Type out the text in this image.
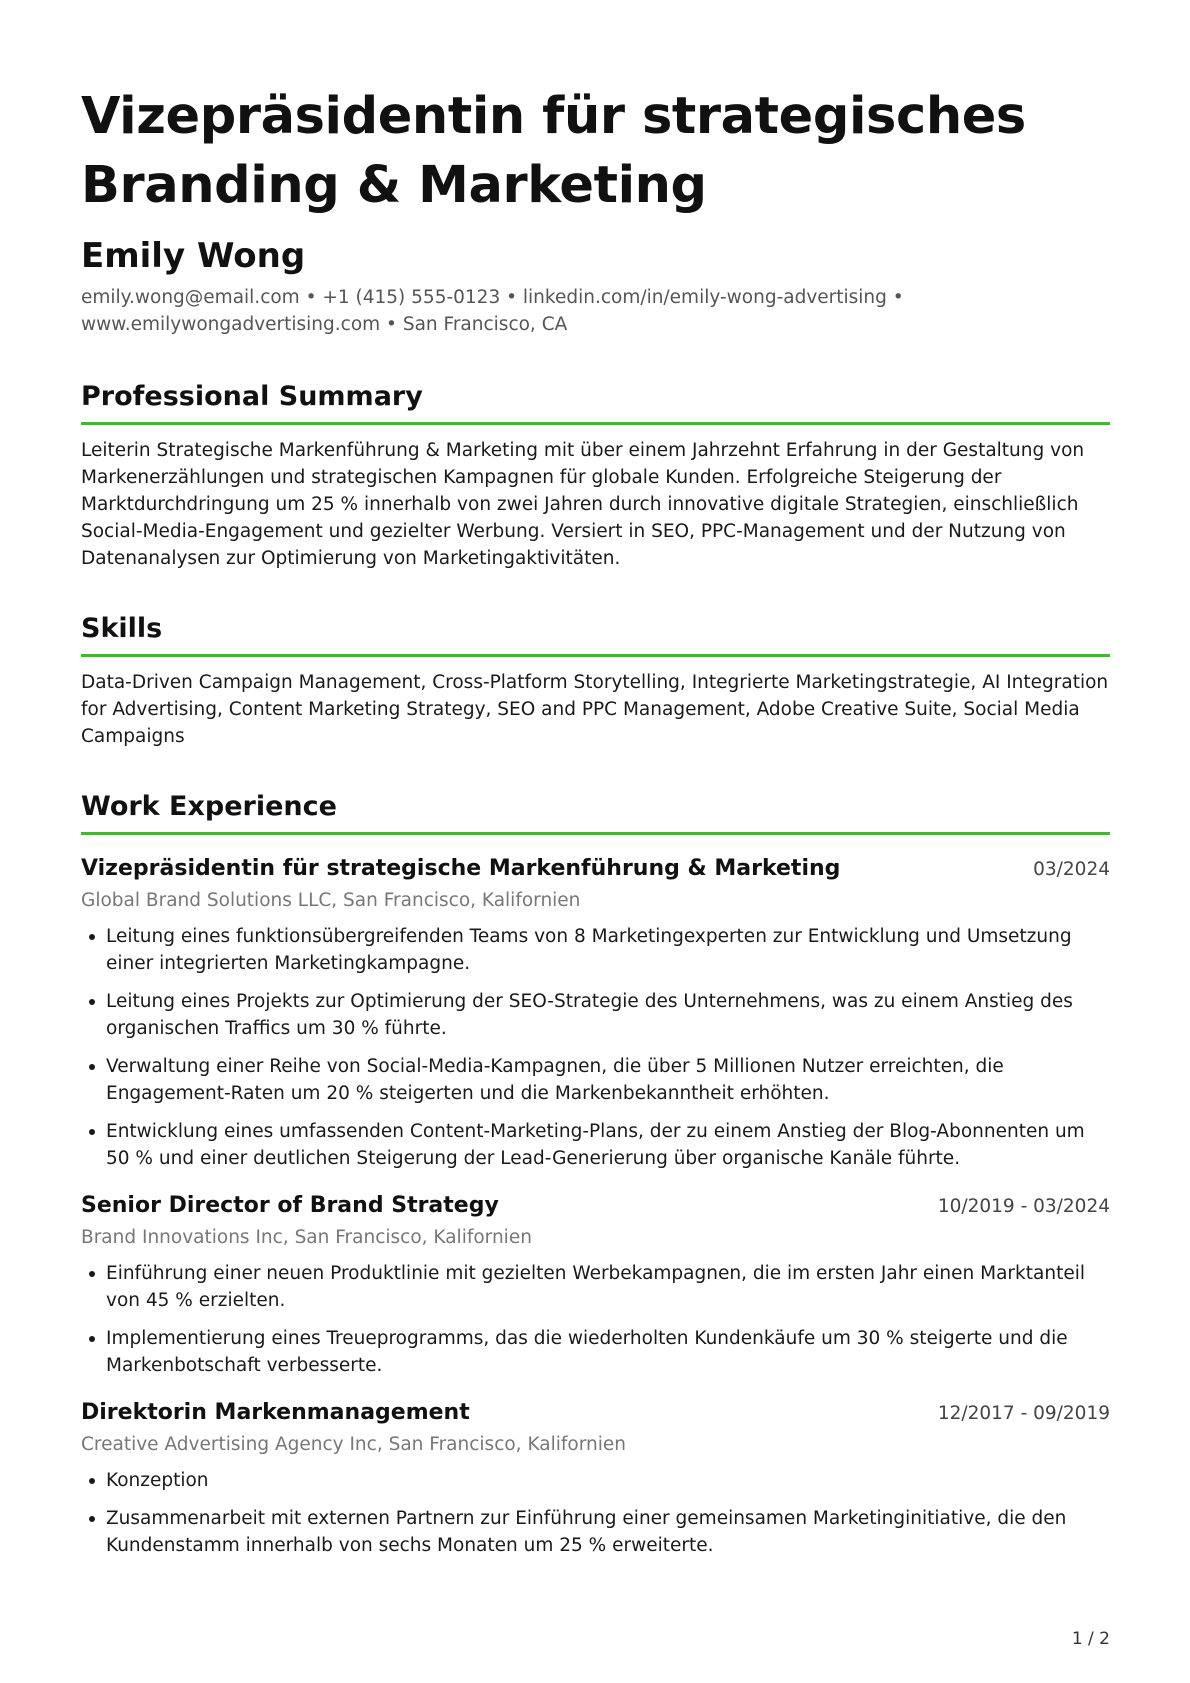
Vizepräsidentin für strategisches Branding & Marketing
Emily Wong
emily.wong@email.com • +1 (415) 555-0123 • linkedin.com/in/emily-wong-advertising •
www.emilywongadvertising.com • San Francisco, CA
Professional Summary
Leiterin Strategische Markenführung & Marketing mit über einem Jahrzehnt Erfahrung in der Gestaltung von Markenerzählungen und strategischen Kampagnen für globale Kunden. Erfolgreiche Steigerung der Marktdurchdringung um 25 % innerhalb von zwei Jahren durch innovative digitale Strategien, einschließlich Social-Media-Engagement und gezielter Werbung. Versiert in SEO, PPC-Management und der Nutzung von Datenanalysen zur Optimierung von Marketingaktivitäten.
Skills
Data-Driven Campaign Management, Cross-Platform Storytelling, Integrierte Marketingstrategie, AI Integration for Advertising, Content Marketing Strategy, SEO and PPC Management, Adobe Creative Suite, Social Media Campaigns
Work Experience
Vizepräsidentin für strategische Markenführung & Marketing	03/2024
Global Brand Solutions LLC, San Francisco, Kalifornien
Leitung eines funktionsübergreifenden Teams von 8 Marketingexperten zur Entwicklung und Umsetzung einer integrierten Marketingkampagne.
Leitung eines Projekts zur Optimierung der SEO-Strategie des Unternehmens, was zu einem Anstieg des organischen Traffics um 30 % führte.
Verwaltung einer Reihe von Social-Media-Kampagnen, die über 5 Millionen Nutzer erreichten, die Engagement-Raten um 20 % steigerten und die Markenbekanntheit erhöhten.
Entwicklung eines umfassenden Content-Marketing-Plans, der zu einem Anstieg der Blog-Abonnenten um 50 % und einer deutlichen Steigerung der Lead-Generierung über organische Kanäle führte.
Senior Director of Brand Strategy	10/2019 - 03/2024
Brand Innovations Inc, San Francisco, Kalifornien
Einführung einer neuen Produktlinie mit gezielten Werbekampagnen, die im ersten Jahr einen Marktanteil von 45 % erzielten.
Implementierung eines Treueprogramms, das die wiederholten Kundenkäufe um 30 % steigerte und die Markenbotschaft verbesserte.
Direktorin Markenmanagement	12/2017 - 09/2019
Creative Advertising Agency Inc, San Francisco, Kalifornien
Konzeption
Zusammenarbeit mit externen Partnern zur Einführung einer gemeinsamen Marketinginitiative, die den Kundenstamm innerhalb von sechs Monaten um 25 % erweiterte.
1 / 2
